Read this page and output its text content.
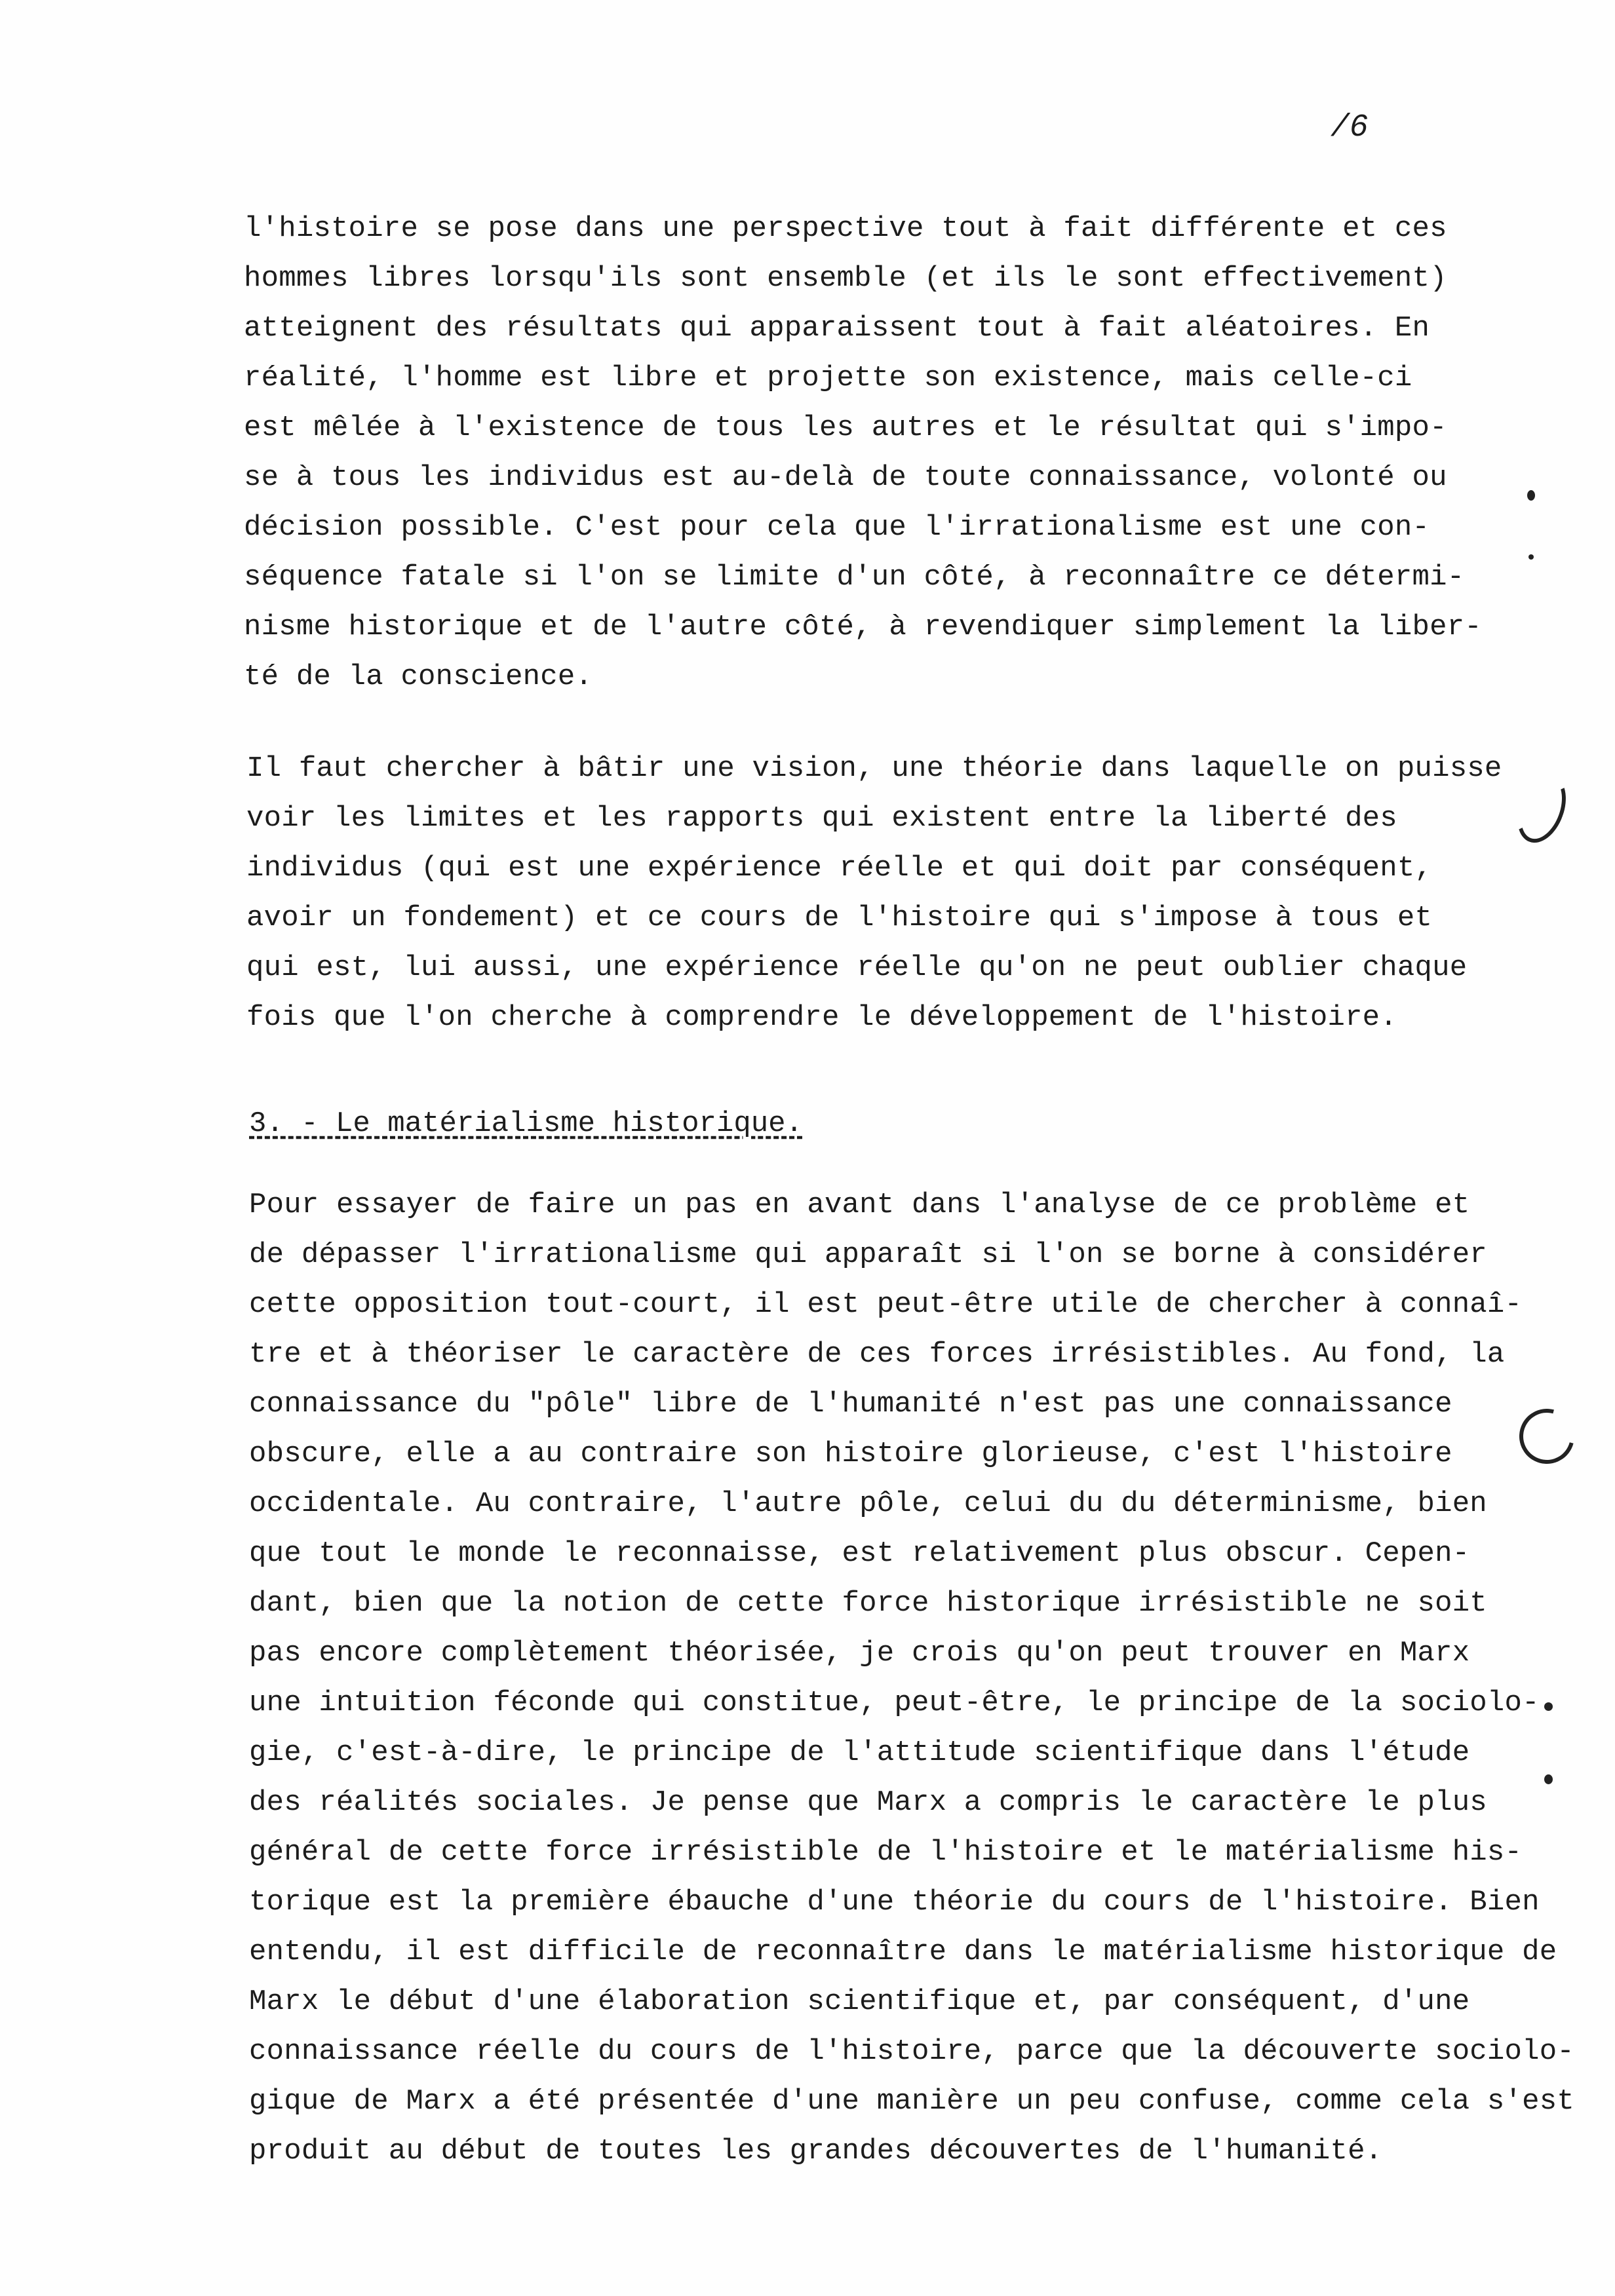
/6
l'histoire se pose dans une perspective tout à fait différente et ces
hommes libres lorsqu'ils sont ensemble (et ils le sont effectivement)
atteignent des résultats qui apparaissent tout à fait aléatoires. En
réalité, l'homme est libre et projette son existence, mais celle-ci
est mêlée à l'existence de tous les autres et le résultat qui s'impo-
se à tous les individus est au-delà de toute connaissance, volonté ou
décision possible. C'est pour cela que l'irrationalisme est une con-
séquence fatale si l'on se limite d'un côté, à reconnaître ce détermi-
nisme historique et de l'autre côté, à revendiquer simplement la liber-
té de la conscience.
Il faut chercher à bâtir une vision, une théorie dans laquelle on puisse
voir les limites et les rapports qui existent entre la liberté des
individus (qui est une expérience réelle et qui doit par conséquent,
avoir un fondement) et ce cours de l'histoire qui s'impose à tous et
qui est, lui aussi, une expérience réelle qu'on ne peut oublier chaque
fois que l'on cherche à comprendre le développement de l'histoire.
3. - Le matérialisme historique.
Pour essayer de faire un pas en avant dans l'analyse de ce problème et
de dépasser l'irrationalisme qui apparaît si l'on se borne à considérer
cette opposition tout-court, il est peut-être utile de chercher à connaî-
tre et à théoriser le caractère de ces forces irrésistibles. Au fond, la
connaissance du "pôle" libre de l'humanité n'est pas une connaissance
obscure, elle a au contraire son histoire glorieuse, c'est l'histoire
occidentale. Au contraire, l'autre pôle, celui du du déterminisme, bien
que tout le monde le reconnaisse, est relativement plus obscur. Cepen-
dant, bien que la notion de cette force historique irrésistible ne soit
pas encore complètement théorisée, je crois qu'on peut trouver en Marx
une intuition féconde qui constitue, peut-être, le principe de la sociolo-
gie, c'est-à-dire, le principe de l'attitude scientifique dans l'étude
des réalités sociales. Je pense que Marx a compris le caractère le plus
général de cette force irrésistible de l'histoire et le matérialisme his-
torique est la première ébauche d'une théorie du cours de l'histoire. Bien
entendu, il est difficile de reconnaître dans le matérialisme historique de
Marx le début d'une élaboration scientifique et, par conséquent, d'une
connaissance réelle du cours de l'histoire, parce que la découverte sociolo-
gique de Marx a été présentée d'une manière un peu confuse, comme cela s'est
produit au début de toutes les grandes découvertes de l'humanité.
